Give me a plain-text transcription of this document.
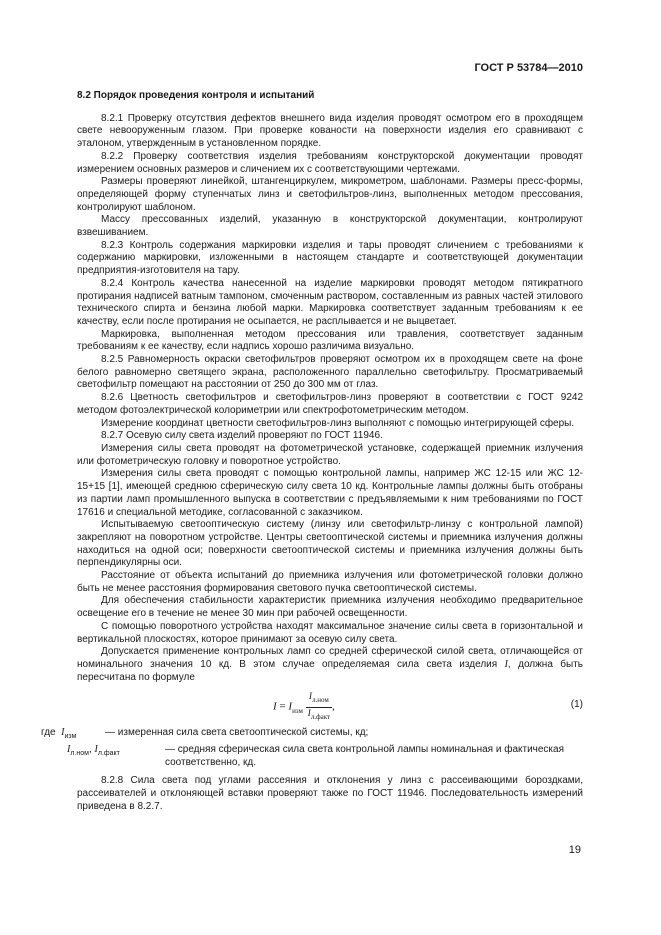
ГОСТ Р 53784—2010
8.2 Порядок проведения контроля и испытаний

8.2.1 Проверку отсутствия дефектов внешнего вида изделия проводят осмотром его в проходящем свете невооруженным глазом. При проверке кованости на поверхности изделия его сравнивают с эталоном, утвержденным в установленном порядке.

8.2.2 Проверку соответствия изделия требованиям конструкторской документации проводят измерением основных размеров и сличением их с соответствующими чертежами.

Размеры проверяют линейкой, штангенциркулем, микрометром, шаблонами. Размеры пресс-формы, определяющей форму ступенчатых линз и светофильтров-линз, выполненных методом прессования, контролируют шаблоном.

Массу прессованных изделий, указанную в конструкторской документации, контролируют взвешиванием.

8.2.3 Контроль содержания маркировки изделия и тары проводят сличением с требованиями к содержанию маркировки, изложенными в настоящем стандарте и соответствующей документации предприятия-изготовителя на тару.

8.2.4 Контроль качества нанесенной на изделие маркировки проводят методом пятикратного протирания надписей ватным тампоном, смоченным раствором, составленным из равных частей этилового технического спирта и бензина любой марки. Маркировка соответствует заданным требованиям к ее качеству, если после протирания не осыпается, не расплывается и не выцветает.

Маркировка, выполненная методом прессования или травления, соответствует заданным требованиям к ее качеству, если надпись хорошо различима визуально.

8.2.5 Равномерность окраски светофильтров проверяют осмотром их в проходящем свете на фоне белого равномерно светящего экрана, расположенного параллельно светофильтру. Просматриваемый светофильтр помещают на расстоянии от 250 до 300 мм от глаз.

8.2.6 Цветность светофильтров и светофильтров-линз проверяют в соответствии с ГОСТ 9242 методом фотоэлектрической колориметрии или спектрофотометрическим методом.

Измерение координат цветности светофильтров-линз выполняют с помощью интегрирующей сферы.

8.2.7 Осевую силу света изделий проверяют по ГОСТ 11946.

Измерения силы света проводят на фотометрической установке, содержащей приемник излучения или фотометрическую головку и поворотное устройство.

Измерения силы света проводят с помощью контрольной лампы, например ЖС 12-15 или ЖС 12-15+15 [1], имеющей среднюю сферическую силу света 10 кд. Контрольные лампы должны быть отобраны из партии ламп промышленного выпуска в соответствии с предъявляемыми к ним требованиями по ГОСТ 17616 и специальной методике, согласованной с заказчиком.

Испытываемую светооптическую систему (линзу или светофильтр-линзу с контрольной лампой) закрепляют на поворотном устройстве. Центры светооптической системы и приемника излучения должны находиться на одной оси; поверхности светооптической системы и приемника излучения должны быть перпендикулярны оси.

Расстояние от объекта испытаний до приемника излучения или фотометрической головки должно быть не менее расстояния формирования светового пучка светооптической системы.

Для обеспечения стабильности характеристик приемника излучения необходимо предварительное освещение его в течение не менее 30 мин при рабочей освещенности.

С помощью поворотного устройства находят максимальное значение силы света в горизонтальной и вертикальной плоскостях, которое принимают за осевую силу света.

Допускается применение контрольных ламп со средней сферической силой света, отличающейся от номинального значения 10 кд. В этом случае определяемая сила света изделия I, должна быть пересчитана по формуле

$I = I_{изм} \frac{I_{л.ном}}{I_{л.факт}}$ ,	(1)
где $I_{изм}$	— измеренная сила света светооптической системы, кд;
$I_{л.ном}$, $I_{л.факт}$	— средняя сферическая сила света контрольной лампы номинальная и фактическая соответственно, кд.

8.2.8 Сила света под углами рассеяния и отклонения у линз с рассеивающими бороздками, рассеивателей и отклоняющей вставки проверяют также по ГОСТ 11946. Последовательность измерений приведена в 8.2.7.

19
